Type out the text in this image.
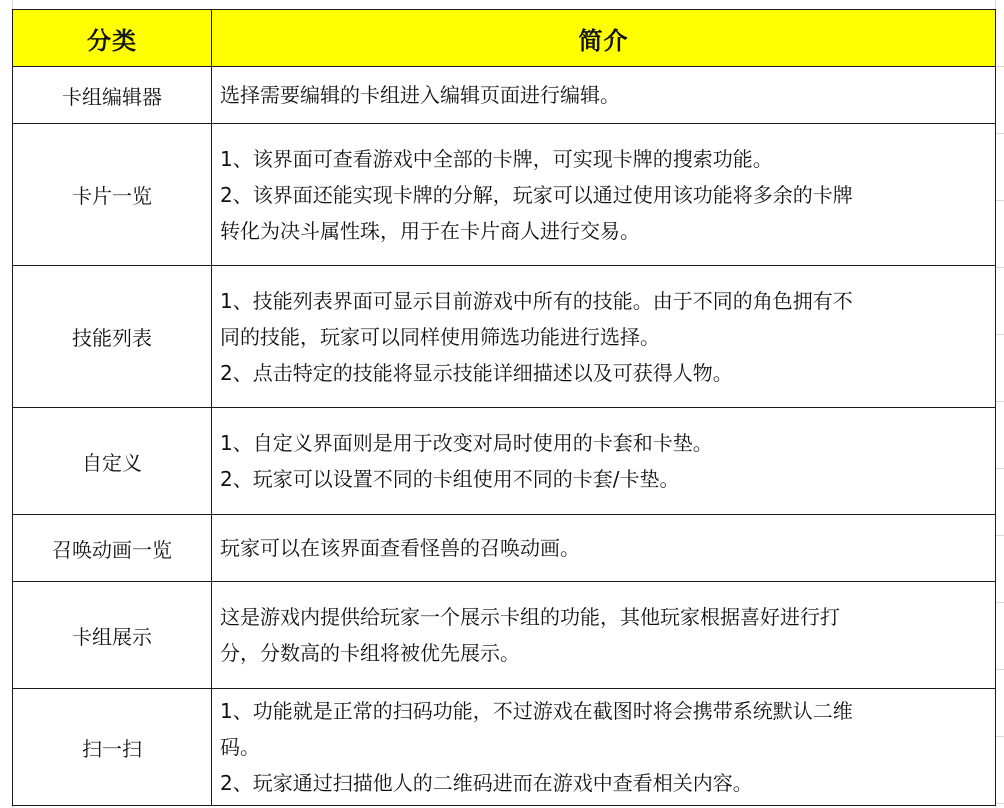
分类	简介
卡组编辑器	选择需要编辑的卡组进入编辑页面进行编辑。

卡片一览	1、该界面可查看游戏中全部的卡牌，可实现卡牌的搜索功能。
2、该界面还能实现卡牌的分解，玩家可以通过使用该功能将多余的卡牌
转化为决斗属性珠，用于在卡片商人进行交易。

技能列表	1、技能列表界面可显示目前游戏中所有的技能。由于不同的角色拥有不
同的技能，玩家可以同样使用筛选功能进行选择。
2、点击特定的技能将显示技能详细描述以及可获得人物。

自定义	1、自定义界面则是用于改变对局时使用的卡套和卡垫。
2、玩家可以设置不同的卡组使用不同的卡套/卡垫。

召唤动画一览	玩家可以在该界面查看怪兽的召唤动画。

卡组展示	这是游戏内提供给玩家一个展示卡组的功能，其他玩家根据喜好进行打
分，分数高的卡组将被优先展示。

扫一扫	1、功能就是正常的扫码功能，不过游戏在截图时将会携带系统默认二维
码。
2、玩家通过扫描他人的二维码进而在游戏中查看相关内容。
